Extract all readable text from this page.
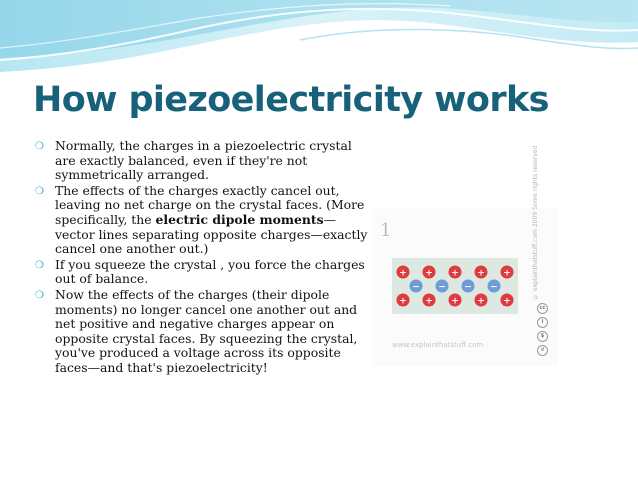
How piezoelectricity works
❍ Normally, the charges in a piezoelectric crystal are exactly balanced, even if they're not symmetrically arranged.
❍ The effects of the charges exactly cancel out, leaving no net charge on the crystal faces. (More specifically, the electric dipole moments—vector lines separating opposite charges—exactly cancel one another out.)
❍ If you squeeze the crystal , you force the charges out of balance.
❍ Now the effects of the charges (their dipole moments) no longer cancel one another out and net positive and negative charges appear on opposite crystal faces. By squeezing the crystal, you've produced a voltage across its opposite faces—and that's piezoelectricity!
1
+ + + + +
− − − −
+ + + + +
www.explainthatstuff.com
© explainthatstuff.com 2009 Some rights reserved
cc
i
$
↺
